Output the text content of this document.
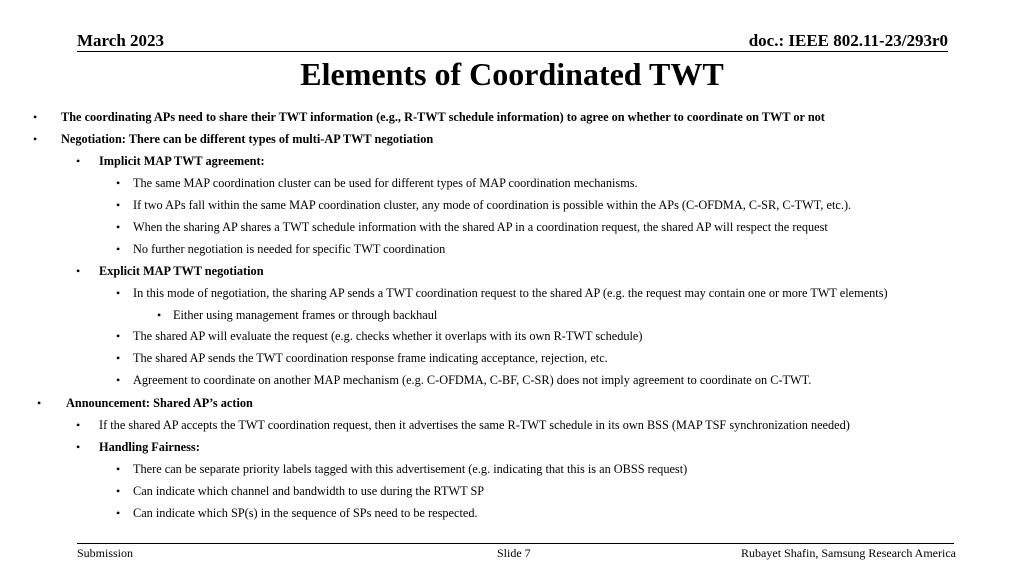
March 2023	doc.: IEEE 802.11-23/293r0
Elements of Coordinated TWT
• The coordinating APs need to share their TWT information (e.g., R-TWT schedule information) to agree on whether to coordinate on TWT or not
• Negotiation: There can be different types of multi-AP TWT negotiation
• Implicit MAP TWT agreement:
• The same MAP coordination cluster can be used for different types of MAP coordination mechanisms.
• If two APs fall within the same MAP coordination cluster, any mode of coordination is possible within the APs (C-OFDMA, C-SR, C-TWT, etc.).
• When the sharing AP shares a TWT schedule information with the shared AP in a coordination request, the shared AP will respect the request
• No further negotiation is needed for specific TWT coordination
• Explicit MAP TWT negotiation
• In this mode of negotiation, the sharing AP sends a TWT coordination request to the shared AP (e.g. the request may contain one or more TWT elements)
• Either using management frames or through backhaul
• The shared AP will evaluate the request (e.g. checks whether it overlaps with its own R-TWT schedule)
• The shared AP sends the TWT coordination response frame indicating acceptance, rejection, etc.
• Agreement to coordinate on another MAP mechanism (e.g. C-OFDMA, C-BF, C-SR) does not imply agreement to coordinate on C-TWT.
• Announcement: Shared AP’s action
• If the shared AP accepts the TWT coordination request, then it advertises the same R-TWT schedule in its own BSS (MAP TSF synchronization needed)
• Handling Fairness:
• There can be separate priority labels tagged with this advertisement (e.g. indicating that this is an OBSS request)
• Can indicate which channel and bandwidth to use during the RTWT SP
• Can indicate which SP(s) in the sequence of SPs need to be respected.
Submission	Slide 7	Rubayet Shafin, Samsung Research America
